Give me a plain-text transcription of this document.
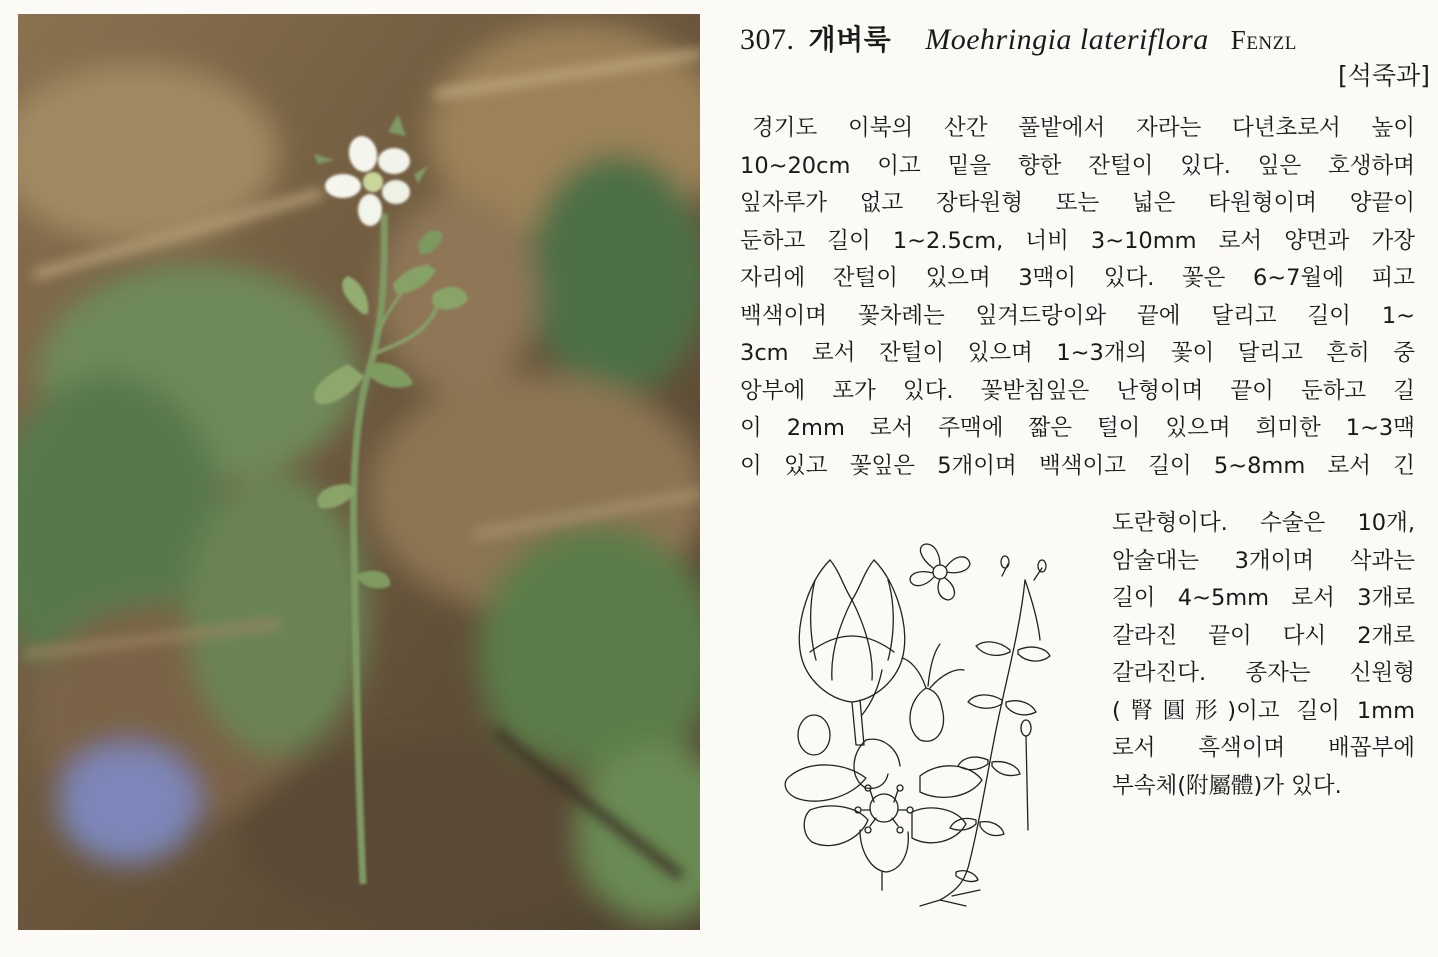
307. 개벼룩 Moehringia lateriflora Fenzl
[석죽과]
경기도 이북의 산간 풀밭에서 자라는 다년초로서 높이
10~20cm 이고 밑을 향한 잔털이 있다. 잎은 호생하며
잎자루가 없고 장타원형 또는 넓은 타원형이며 양끝이
둔하고 길이 1~2.5cm, 너비 3~10mm 로서 양면과 가장
자리에 잔털이 있으며 3맥이 있다. 꽃은 6~7월에 피고
백색이며 꽃차례는 잎겨드랑이와 끝에 달리고 길이 1~
3cm 로서 잔털이 있으며 1~3개의 꽃이 달리고 흔히 중
앙부에 포가 있다. 꽃받침잎은 난형이며 끝이 둔하고 길
이 2mm 로서 주맥에 짧은 털이 있으며 희미한 1~3맥
이 있고 꽃잎은 5개이며 백색이고 길이 5~8mm 로서 긴
도란형이다. 수술은 10개,
암술대는 3개이며 삭과는
길이 4~5mm 로서 3개로
갈라진 끝이 다시 2개로
갈라진다. 종자는 신원형
(腎圓形)이고 길이 1mm
로서 흑색이며 배꼽부에
부속체(附屬體)가 있다.
